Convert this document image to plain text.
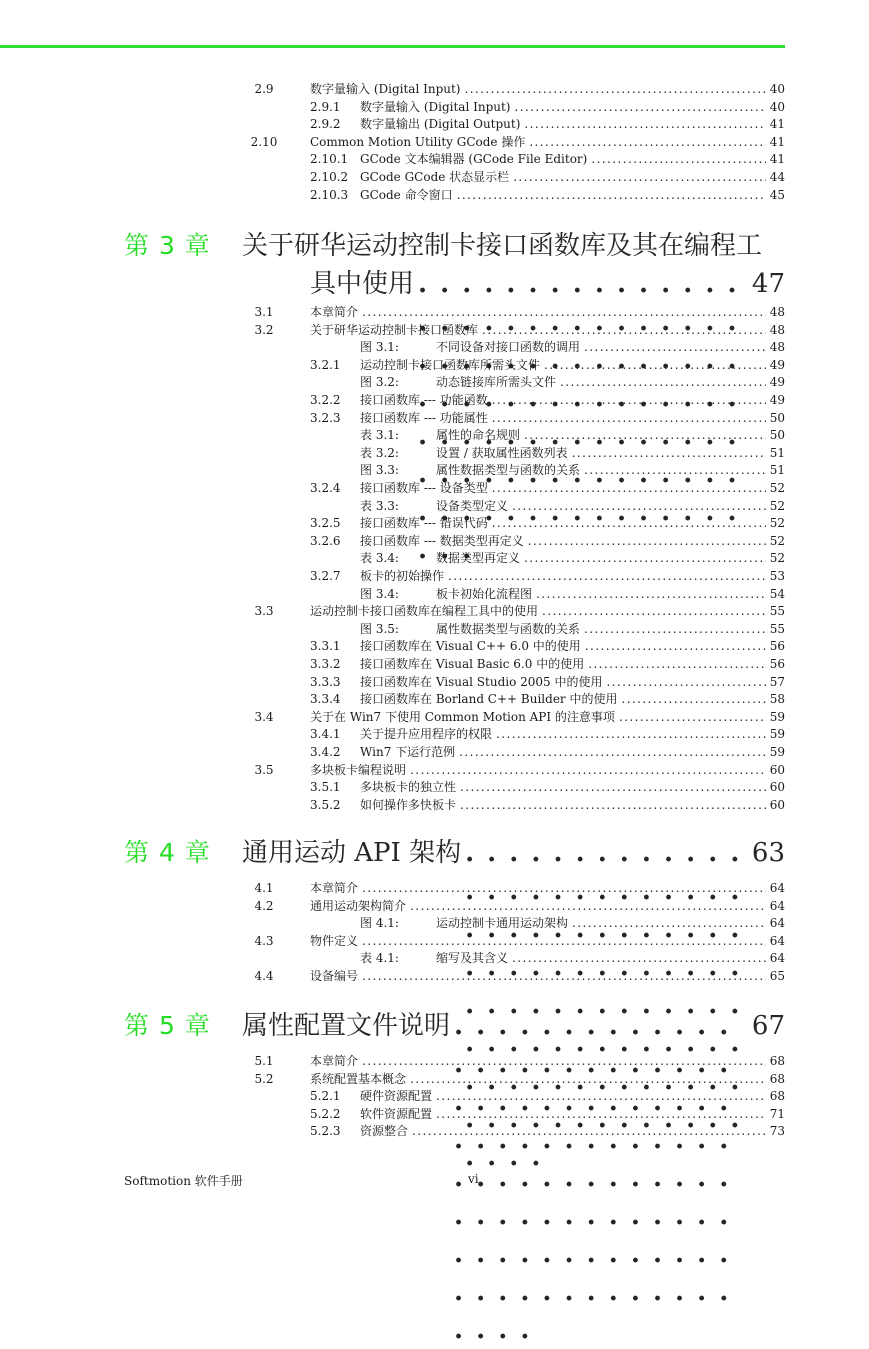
2.9	数字量输入 (Digital Input) . . .	40
2.9.1 数字量输入 (Digital Input) . . .	40
2.9.2 数字量输出 (Digital Output) . . .	41
2.10	Common Motion Utility GCode 操作 . . .	41
2.10.1 GCode 文本编辑器 (GCode File Editor) . . .	41
2.10.2 GCode GCode 状态显示栏 . . .	44
2.10.3 GCode 命令窗口 . . .	45
第 3 章 关于研华运动控制卡接口函数库及其在编程工
具中使用 . . .	47
3.1	本章简介 . . .	48
3.2	关于研华运动控制卡接口函数库 . . .	48
图 3.1:	不同设备对接口函数的调用 . . .	48
3.2.1 运动控制卡接口函数库所需头文件 . . .	49
图 3.2:	动态链接库所需头文件 . . .	49
3.2.2 接口函数库 --- 功能函数 . . .	49
3.2.3 接口函数库 --- 功能属性 . . .	50
表 3.1:	属性的命名规则 . . .	50
表 3.2:	设置 / 获取属性函数列表 . . .	51
图 3.3:	属性数据类型与函数的关系 . . .	51
3.2.4 接口函数库 --- 设备类型 . . .	52
表 3.3:	设备类型定义 . . .	52
3.2.5 接口函数库 --- 错误代码 . . .	52
3.2.6 接口函数库 --- 数据类型再定义 . . .	52
表 3.4:	数据类型再定义 . . .	52
3.2.7 板卡的初始操作 . . .	53
图 3.4:	板卡初始化流程图 . . .	54
3.3	运动控制卡接口函数库在编程工具中的使用 . . .	55
图 3.5:	属性数据类型与函数的关系 . . .	55
3.3.1 接口函数库在 Visual C++ 6.0 中的使用 . . .	56
3.3.2 接口函数库在 Visual Basic 6.0 中的使用 . . .	56
3.3.3 接口函数库在 Visual Studio 2005 中的使用 . . .	57
3.3.4 接口函数库在 Borland C++ Builder 中的使用 . . .	58
3.4	关于在 Win7 下使用 Common Motion API 的注意事项 . . .	59
3.4.1 关于提升应用程序的权限 . . .	59
3.4.2 Win7 下运行范例 . . .	59
3.5	多块板卡编程说明 . . .	60
3.5.1 多块板卡的独立性 . . .	60
3.5.2 如何操作多快板卡 . . .	60
第 4 章 通用运动 API 架构 . . .	63
4.1	本章简介 . . .	64
4.2	通用运动架构简介 . . .	64
图 4.1:	运动控制卡通用运动架构 . . .	64
4.3	物件定义 . . .	64
表 4.1:	缩写及其含义 . . .	64
4.4	设备编号 . . .	65
第 5 章 属性配置文件说明 . . .	67
5.1	本章简介 . . .	68
5.2	系统配置基本概念 . . .	68
5.2.1 硬件资源配置 . . .	68
5.2.2 软件资源配置 . . .	71
5.2.3 资源整合 . . .	73
Softmotion 软件手册	vi
